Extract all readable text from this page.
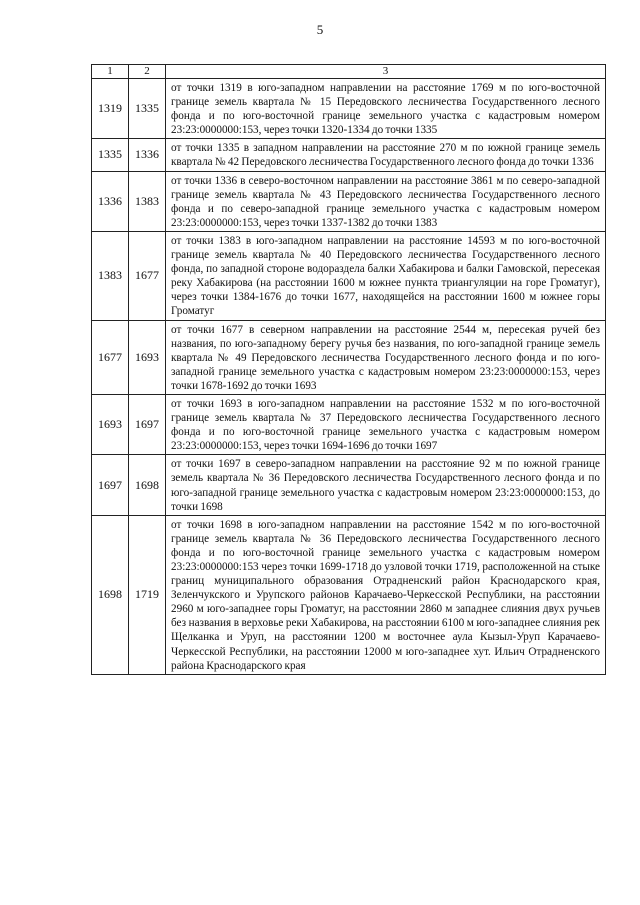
5
1	2	3
1319	1335	от точки 1319 в юго-западном направлении на расстояние 1769 м по юго-восточной границе земель квартала № 15 Передовского лесничества Государственного лесного фонда и по юго-восточной границе земельного участка с кадастровым номером 23:23:0000000:153, через точки 1320-1334 до точки 1335
1335	1336	от точки 1335 в западном направлении на расстояние 270 м по южной границе земель квартала № 42 Передовского лесничества Государственного лесного фонда до точки 1336
1336	1383	от точки 1336 в северо-восточном направлении на расстояние 3861 м по северо-западной границе земель квартала № 43 Передовского лесничества Государственного лесного фонда и по северо-западной границе земельного участка с кадастровым номером 23:23:0000000:153, через точки 1337-1382 до точки 1383
1383	1677	от точки 1383 в юго-западном направлении на расстояние 14593 м по юго-восточной границе земель квартала № 40 Передовского лесничества Государственного лесного фонда, по западной стороне водораздела балки Хабакирова и балки Гамовской, пересекая реку Хабакирова (на расстоянии 1600 м южнее пункта триангуляции на горе Громатуг), через точки 1384-1676 до точки 1677, находящейся на расстоянии 1600 м южнее горы Громатуг
1677	1693	от точки 1677 в северном направлении на расстояние 2544 м, пересекая ручей без названия, по юго-западному берегу ручья без названия, по юго-западной границе земель квартала № 49 Передовского лесничества Государственного лесного фонда и по юго-западной границе земельного участка с кадастровым номером 23:23:0000000:153, через точки 1678-1692 до точки 1693
1693	1697	от точки 1693 в юго-западном направлении на расстояние 1532 м по юго-восточной границе земель квартала № 37 Передовского лесничества Государственного лесного фонда и по юго-восточной границе земельного участка с кадастровым номером 23:23:0000000:153, через точки 1694-1696 до точки 1697
1697	1698	от точки 1697 в северо-западном направлении на расстояние 92 м по южной границе земель квартала № 36 Передовского лесничества Государственного лесного фонда и по юго-западной границе земельного участка с кадастровым номером 23:23:0000000:153, до точки 1698
1698	1719	от точки 1698 в юго-западном направлении на расстояние 1542 м по юго-восточной границе земель квартала № 36 Передовского лесничества Государственного лесного фонда и по юго-восточной границе земельного участка с кадастровым номером 23:23:0000000:153 через точки 1699-1718 до узловой точки 1719, расположенной на стыке границ муниципального образования Отрадненский район Краснодарского края, Зеленчукского и Урупского районов Карачаево-Черкесской Республики, на расстоянии 2960 м юго-западнее горы Громатуг, на расстоянии 2860 м западнее слияния двух ручьев без названия в верховье реки Хабакирова, на расстоянии 6100 м юго-западнее слияния рек Щелканка и Уруп, на расстоянии 1200 м восточнее аула Кызыл-Уруп Карачаево-Черкесской Республики, на расстоянии 12000 м юго-западнее хут. Ильич Отрадненского района Краснодарского края
